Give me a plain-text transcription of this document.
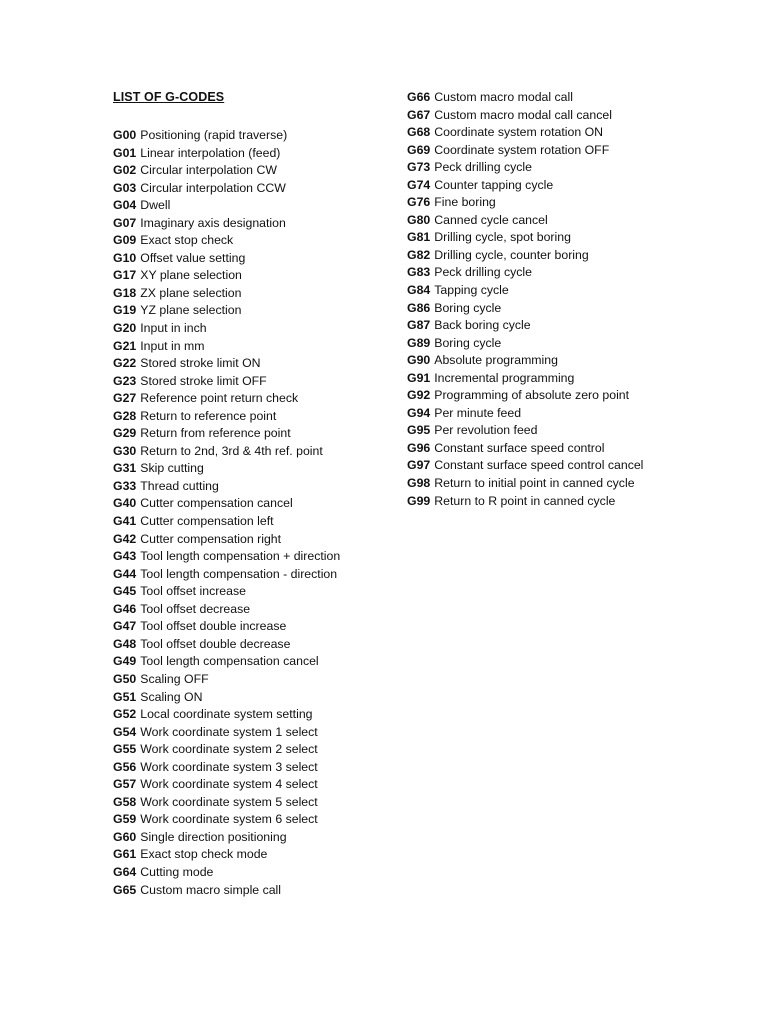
LIST OF G-CODES
G00 Positioning (rapid traverse)
G01 Linear interpolation (feed)
G02 Circular interpolation CW
G03 Circular interpolation CCW
G04 Dwell
G07 Imaginary axis designation
G09 Exact stop check
G10 Offset value setting
G17 XY plane selection
G18 ZX plane selection
G19 YZ plane selection
G20 Input in inch
G21 Input in mm
G22 Stored stroke limit ON
G23 Stored stroke limit OFF
G27 Reference point return check
G28 Return to reference point
G29 Return from reference point
G30 Return to 2nd, 3rd & 4th ref. point
G31 Skip cutting
G33 Thread cutting
G40 Cutter compensation cancel
G41 Cutter compensation left
G42 Cutter compensation right
G43 Tool length compensation + direction
G44 Tool length compensation - direction
G45 Tool offset increase
G46 Tool offset decrease
G47 Tool offset double increase
G48 Tool offset double decrease
G49 Tool length compensation cancel
G50 Scaling OFF
G51 Scaling ON
G52 Local coordinate system setting
G54 Work coordinate system 1 select
G55 Work coordinate system 2 select
G56 Work coordinate system 3 select
G57 Work coordinate system 4 select
G58 Work coordinate system 5 select
G59 Work coordinate system 6 select
G60 Single direction positioning
G61 Exact stop check mode
G64 Cutting mode
G65 Custom macro simple call
G66 Custom macro modal call
G67 Custom macro modal call cancel
G68 Coordinate system rotation ON
G69 Coordinate system rotation OFF
G73 Peck drilling cycle
G74 Counter tapping cycle
G76 Fine boring
G80 Canned cycle cancel
G81 Drilling cycle, spot boring
G82 Drilling cycle, counter boring
G83 Peck drilling cycle
G84 Tapping cycle
G86 Boring cycle
G87 Back boring cycle
G89 Boring cycle
G90 Absolute programming
G91 Incremental programming
G92 Programming of absolute zero point
G94 Per minute feed
G95 Per revolution feed
G96 Constant surface speed control
G97 Constant surface speed control cancel
G98 Return to initial point in canned cycle
G99 Return to R point in canned cycle
